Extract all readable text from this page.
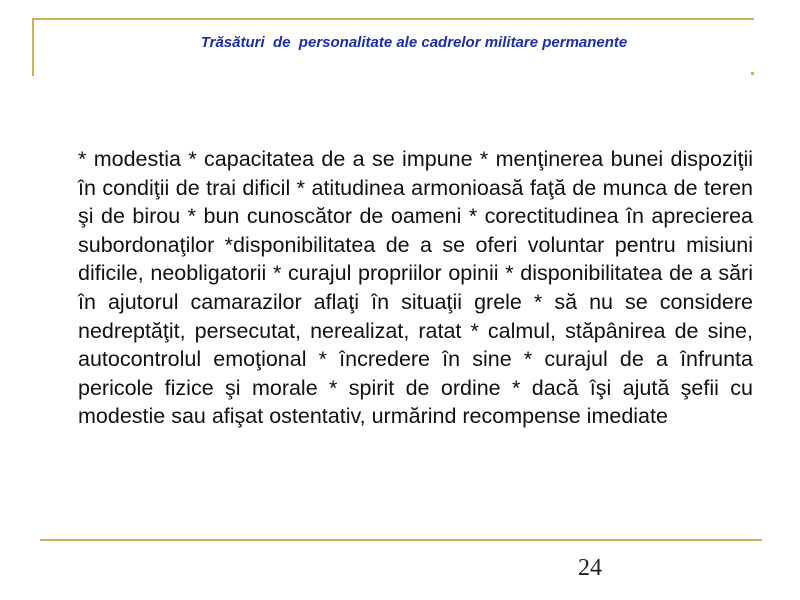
Trăsături  de  personalitate ale cadrelor militare permanente

* modestia * capacitatea de a se impune * menţinerea bunei dispoziţii în condiţii de trai dificil * atitudinea armonioasă faţă de munca de teren şi de birou * bun cunoscător de oameni * corectitudinea în aprecierea subordonaţilor *disponibilitatea de a se oferi voluntar pentru misiuni dificile, neobligatorii * curajul propriilor opinii * disponibilitatea de a sări în ajutorul camarazilor aflaţi în situaţii grele * să nu se considere nedreptăţit, persecutat, nerealizat, ratat * calmul, stăpânirea de sine, autocontrolul emoţional * încredere în sine * curajul de a înfrunta pericole fizice şi morale * spirit de ordine * dacă îşi ajută şefii cu modestie sau afişat ostentativ, urmărind recompense imediate

24
